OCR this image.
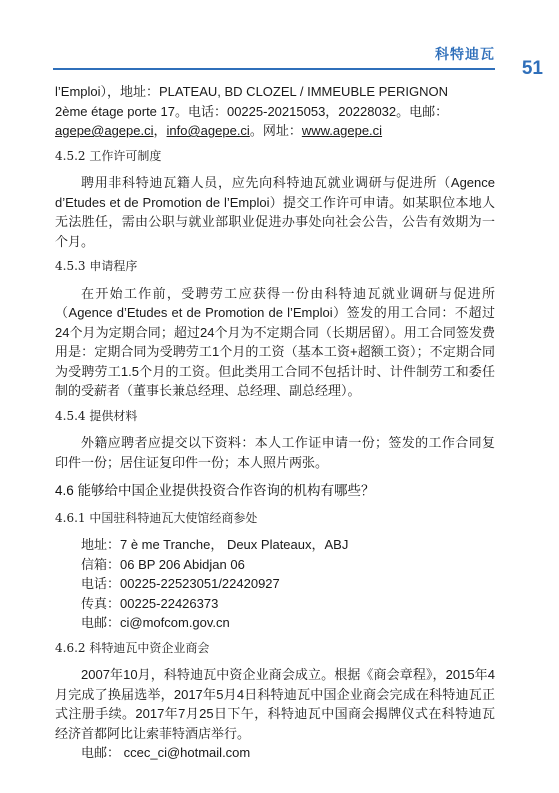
科特迪瓦
51

l’Emploi），地址：PLATEAU, BD CLOZEL / IMMEUBLE PERIGNON

2ème étage porte 17。电话：00225-20215053，20228032。电邮：

agepe@agepe.ci，info@agepe.ci。网址：www.agepe.ci

4.5.2 工作许可制度

聘用非科特迪瓦籍人员，应先向科特迪瓦就业调研与促进所（Agence d’Etudes et de Promotion de l’Emploi）提交工作许可申请。如某职位本地人无法胜任，需由公职与就业部职业促进办事处向社会公告，公告有效期为一个月。

4.5.3 申请程序

在开始工作前，受聘劳工应获得一份由科特迪瓦就业调研与促进所（Agence d’Etudes et de Promotion de l’Emploi）签发的用工合同：不超过24个月为定期合同；超过24个月为不定期合同（长期居留）。用工合同签发费用是：定期合同为受聘劳工1个月的工资（基本工资+超额工资）；不定期合同为受聘劳工1.5个月的工资。但此类用工合同不包括计时、计件制劳工和委任制的受薪者（董事长兼总经理、总经理、副总经理）。

4.5.4 提供材料

外籍应聘者应提交以下资料：本人工作证申请一份；签发的工作合同复印件一份；居住证复印件一份；本人照片两张。

4.6 能够给中国企业提供投资合作咨询的机构有哪些？

4.6.1 中国驻科特迪瓦大使馆经商参处

地址：7 è me Tranche， Deux Plateaux，ABJ

信箱：06 BP 206 Abidjan 06

电话：00225-22523051/22420927

传真：00225-22426373

电邮：ci@mofcom.gov.cn

4.6.2 科特迪瓦中资企业商会

2007年10月，科特迪瓦中资企业商会成立。根据《商会章程》，2015年4月完成了换届选举，2017年5月4日科特迪瓦中国企业商会完成在科特迪瓦正式注册手续。2017年7月25日下午，科特迪瓦中国商会揭牌仪式在科特迪瓦经济首都阿比让索菲特酒店举行。

电邮： ccec_ci@hotmail.com
